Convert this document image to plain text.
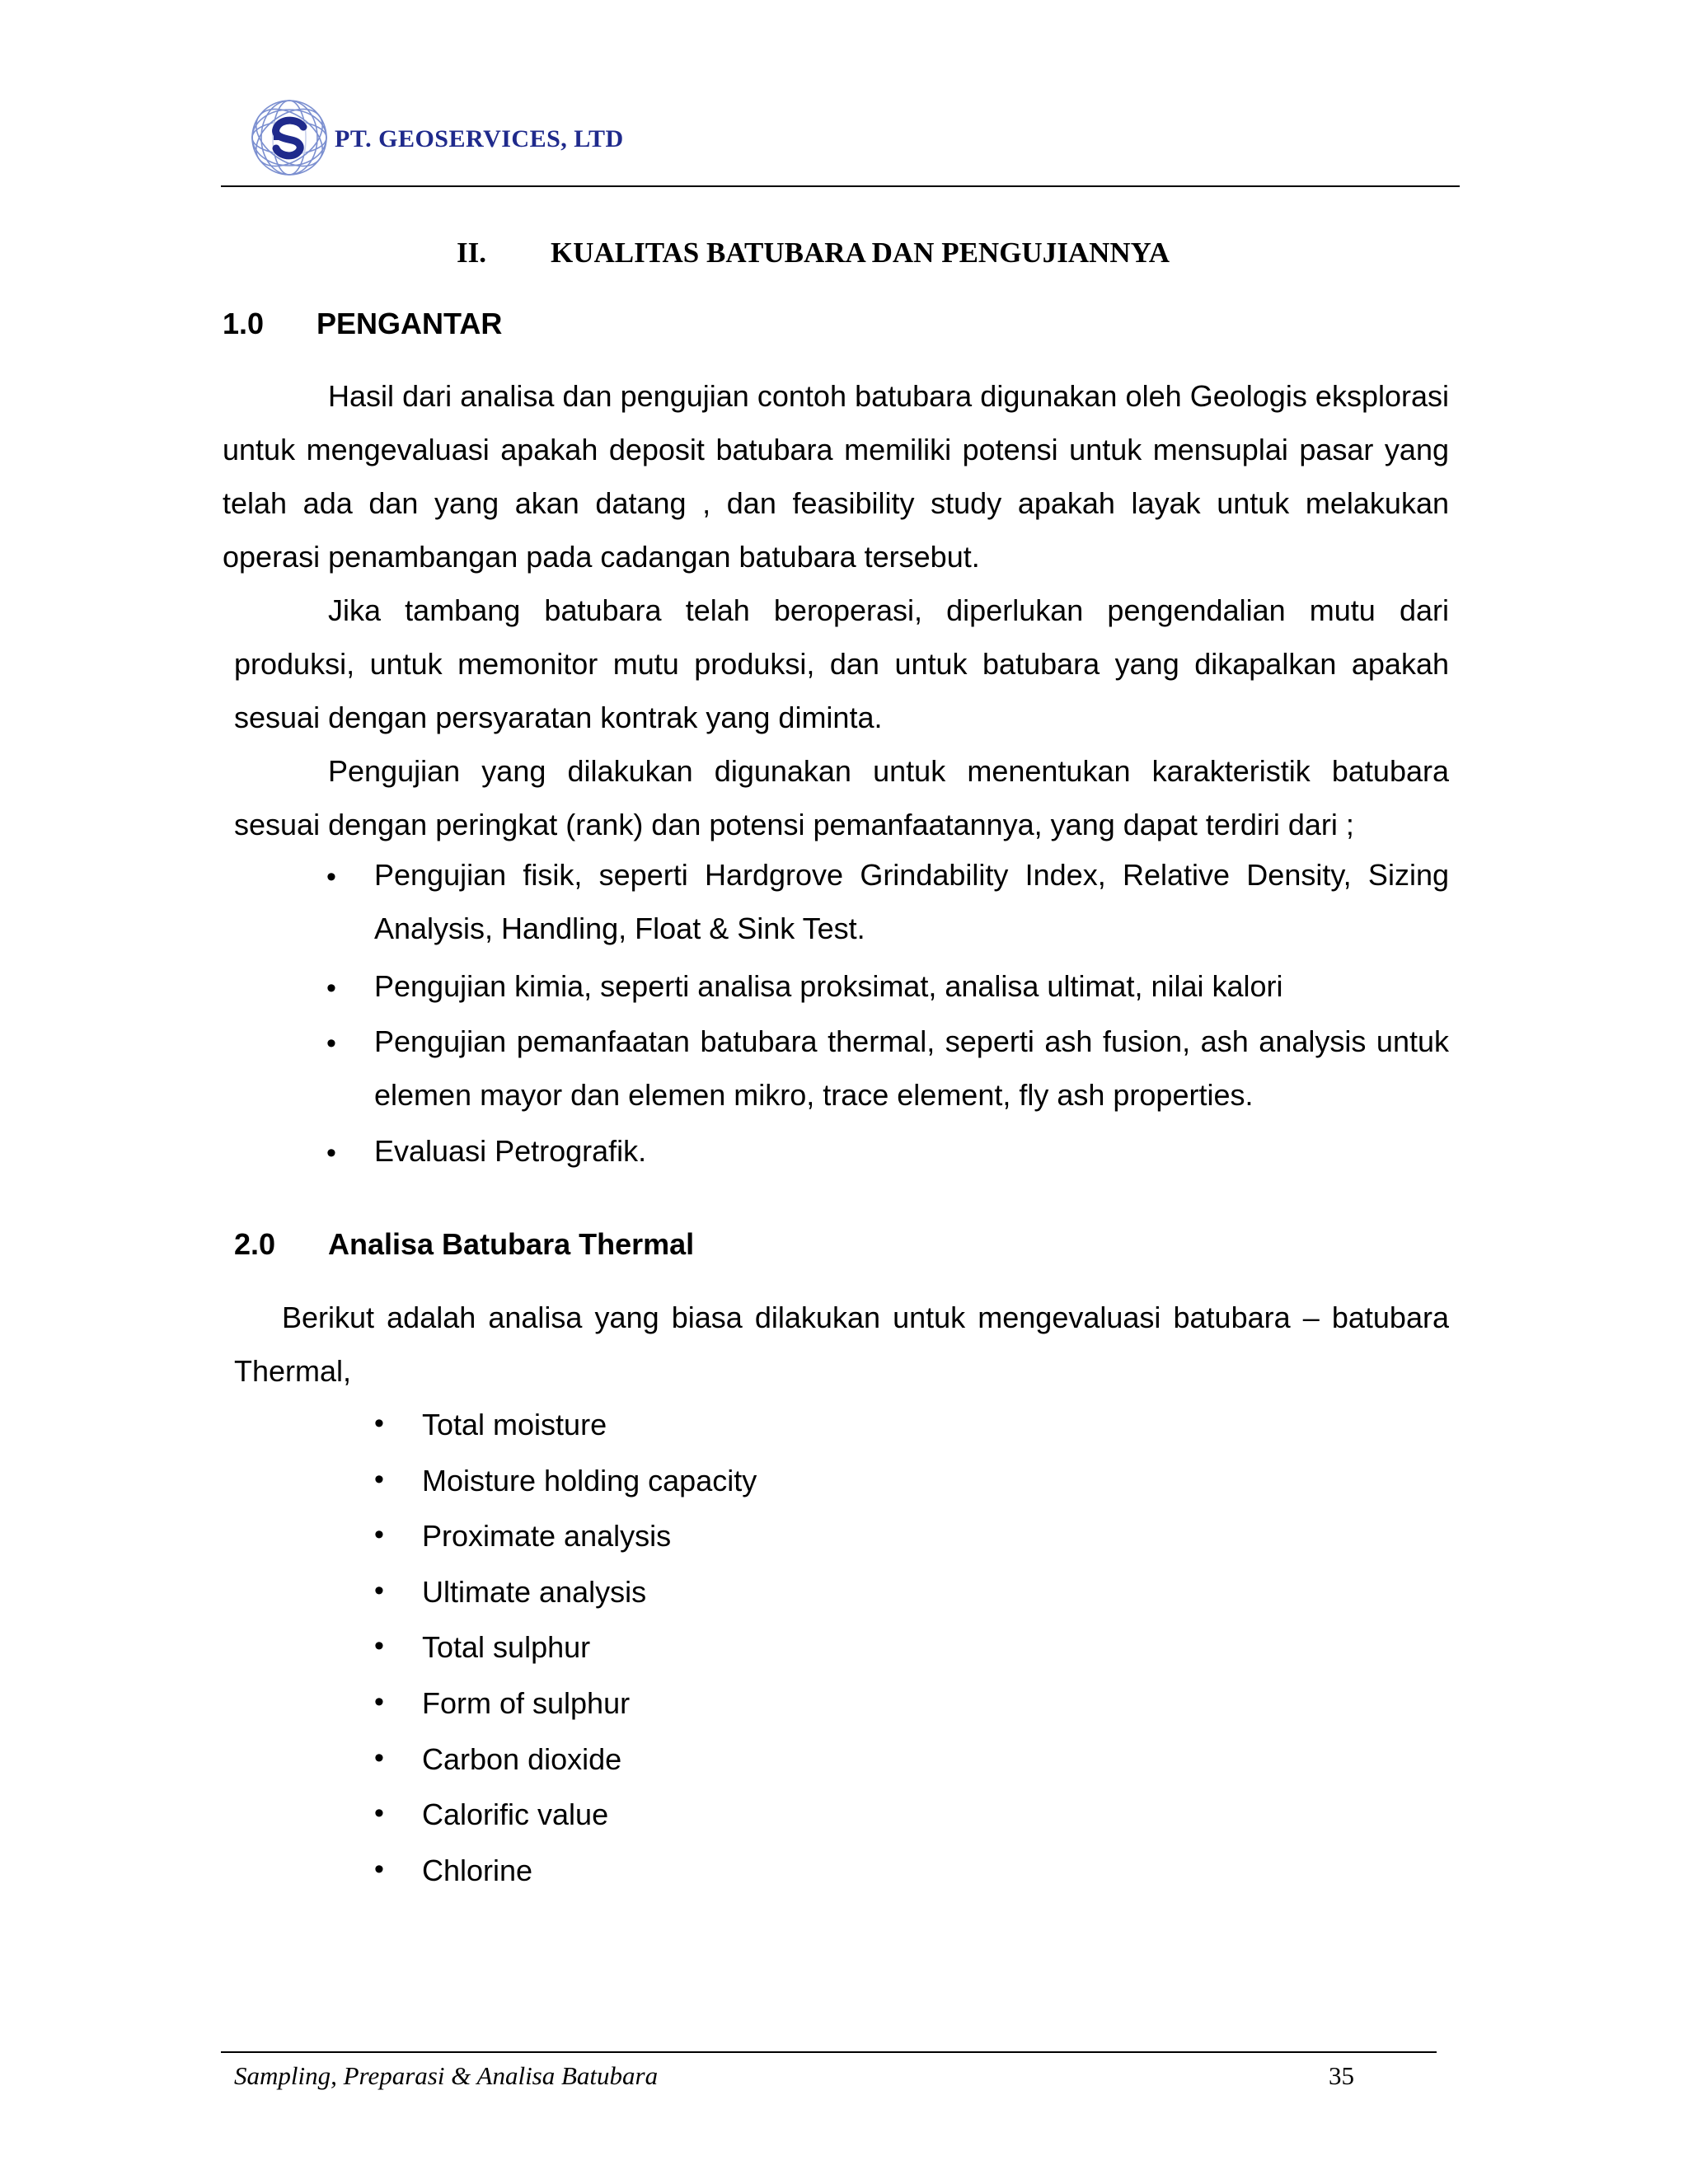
PT. GEOSERVICES, LTD
II. KUALITAS BATUBARA DAN PENGUJIANNYA
1.0 PENGANTAR

Hasil dari analisa dan pengujian contoh batubara digunakan oleh Geologis eksplorasi untuk mengevaluasi apakah deposit batubara memiliki potensi untuk mensuplai pasar yang telah ada dan yang akan datang , dan feasibility study apakah layak untuk melakukan operasi penambangan pada cadangan batubara tersebut.

Jika tambang batubara telah beroperasi, diperlukan pengendalian mutu dari produksi, untuk memonitor mutu produksi, dan untuk batubara yang dikapalkan apakah sesuai dengan persyaratan kontrak yang diminta.

Pengujian yang dilakukan digunakan untuk menentukan karakteristik batubara sesuai dengan peringkat (rank) dan potensi pemanfaatannya, yang dapat terdiri dari ;

• Pengujian fisik, seperti Hardgrove Grindability Index, Relative Density, Sizing Analysis, Handling, Float & Sink Test.
• Pengujian kimia, seperti analisa proksimat, analisa ultimat, nilai kalori
• Pengujian pemanfaatan batubara thermal, seperti ash fusion, ash analysis untuk elemen mayor dan elemen mikro, trace element, fly ash properties.
• Evaluasi Petrografik.
2.0 Analisa Batubara Thermal

Berikut adalah analisa yang biasa dilakukan untuk mengevaluasi batubara – batubara Thermal,

• Total moisture
• Moisture holding capacity
• Proximate analysis
• Ultimate analysis
• Total sulphur
• Form of sulphur
• Carbon dioxide
• Calorific value
• Chlorine
Sampling, Preparasi & Analisa Batubara	35
